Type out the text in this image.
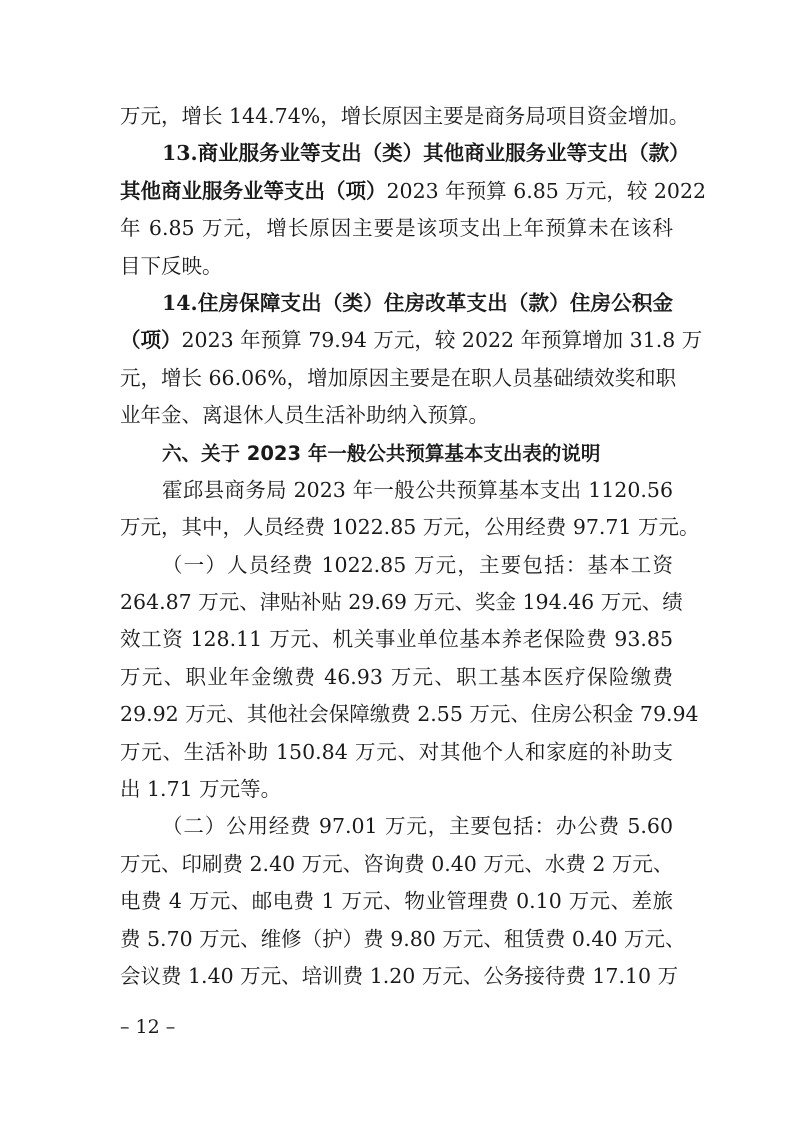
万元，增长 144.74%，增长原因主要是商务局项目资金增加。
13.商业服务业等支出（类）其他商业服务业等支出（款）
其他商业服务业等支出（项）2023 年预算 6.85 万元，较 2022
年 6.85 万元，增长原因主要是该项支出上年预算未在该科
目下反映。
14.住房保障支出（类）住房改革支出（款）住房公积金
（项）2023 年预算 79.94 万元，较 2022 年预算增加 31.8 万
元，增长 66.06%，增加原因主要是在职人员基础绩效奖和职
业年金、离退休人员生活补助纳入预算。
六、关于 2023 年一般公共预算基本支出表的说明
霍邱县商务局 2023 年一般公共预算基本支出 1120.56
万元，其中，人员经费 1022.85 万元，公用经费 97.71 万元。
（一）人员经费 1022.85 万元，主要包括：基本工资
264.87 万元、津贴补贴 29.69 万元、奖金 194.46 万元、绩
效工资 128.11 万元、机关事业单位基本养老保险费 93.85
万元、职业年金缴费 46.93 万元、职工基本医疗保险缴费
29.92 万元、其他社会保障缴费 2.55 万元、住房公积金 79.94
万元、生活补助 150.84 万元、对其他个人和家庭的补助支
出 1.71 万元等。
（二）公用经费 97.01 万元，主要包括：办公费 5.60
万元、印刷费 2.40 万元、咨询费 0.40 万元、水费 2 万元、
电费 4 万元、邮电费 1 万元、物业管理费 0.10 万元、差旅
费 5.70 万元、维修（护）费 9.80 万元、租赁费 0.40 万元、
会议费 1.40 万元、培训费 1.20 万元、公务接待费 17.10 万
– 12 –
